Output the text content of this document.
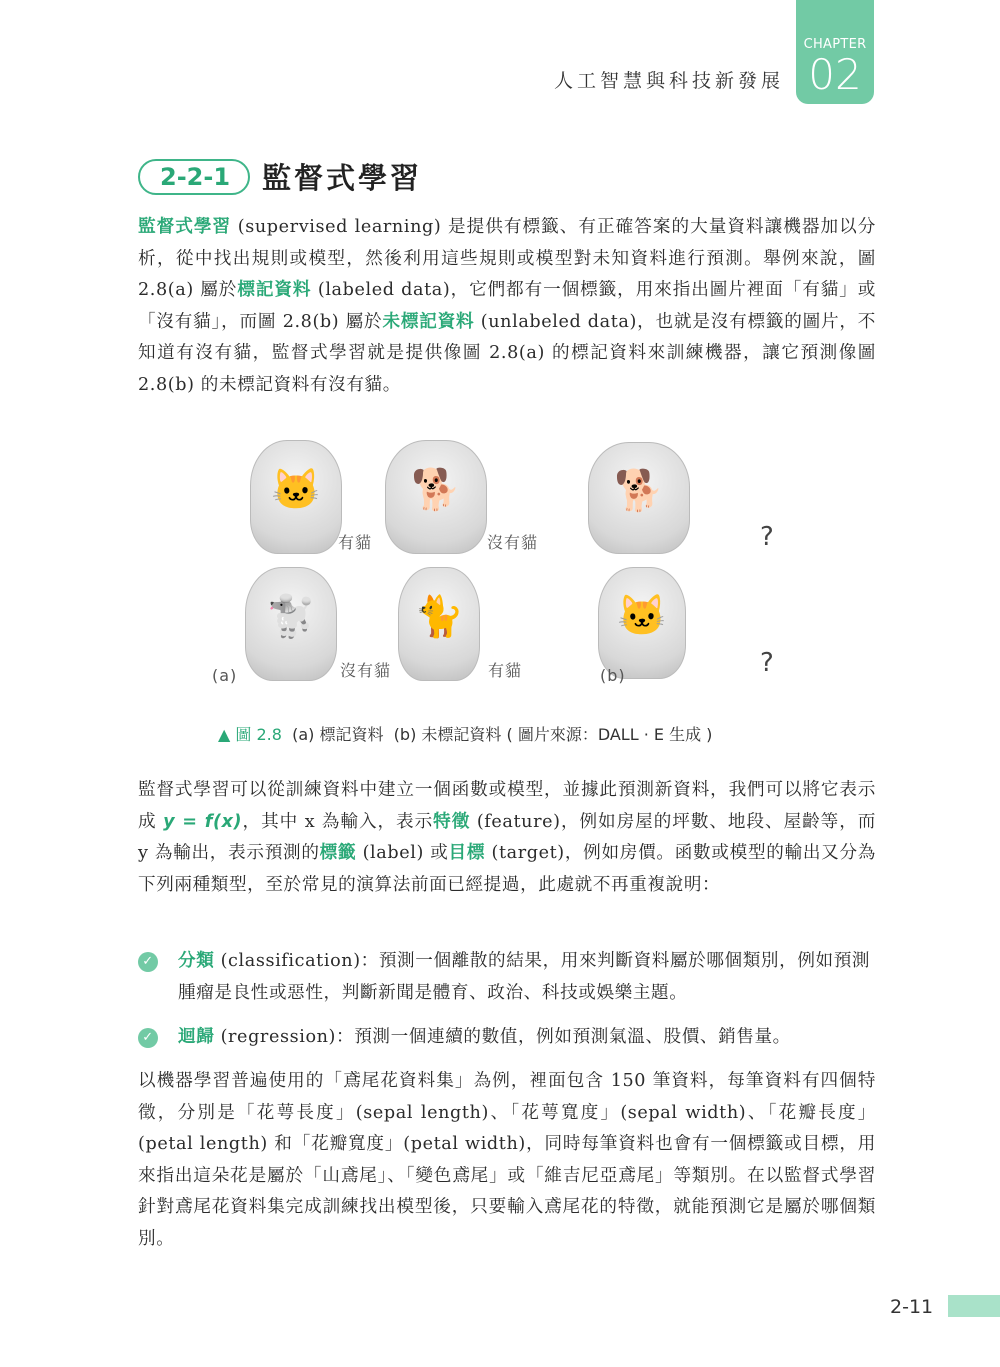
人工智慧與科技新發展
CHAPTER
02
2-2-1	監督式學習
監督式學習 (supervised learning) 是提供有標籤、有正確答案的大量資料讓機器加以分析，從中找出規則或模型，然後利用這些規則或模型對未知資料進行預測。舉例來說，圖 2.8(a) 屬於標記資料 (labeled data)，它們都有一個標籤，用來指出圖片裡面「有貓」或「沒有貓」，而圖 2.8(b) 屬於未標記資料 (unlabeled data)，也就是沒有標籤的圖片，不知道有沒有貓，監督式學習就是提供像圖 2.8(a) 的標記資料來訓練機器，讓它預測像圖 2.8(b) 的未標記資料有沒有貓。
🐱
有貓
🐕
沒有貓
🐩
沒有貓
🐈
有貓
(a)
🐕
?
🐱
?
(b)
▲ 圖 2.8  (a) 標記資料  (b) 未標記資料 ( 圖片來源：DALL · E 生成 )
監督式學習可以從訓練資料中建立一個函數或模型，並據此預測新資料，我們可以將它表示成 y = f(x)，其中 x 為輸入，表示特徵 (feature)，例如房屋的坪數、地段、屋齡等，而 y 為輸出，表示預測的標籤 (label) 或目標 (target)，例如房價。函數或模型的輸出又分為下列兩種類型，至於常見的演算法前面已經提過，此處就不再重複說明：
✓ 分類 (classification)：預測一個離散的結果，用來判斷資料屬於哪個類別，例如預測腫瘤是良性或惡性，判斷新聞是體育、政治、科技或娛樂主題。
✓ 迴歸 (regression)：預測一個連續的數值，例如預測氣溫、股價、銷售量。
以機器學習普遍使用的「鳶尾花資料集」為例，裡面包含 150 筆資料，每筆資料有四個特徵，分別是「花萼長度」(sepal length)、「花萼寬度」(sepal width)、「花瓣長度」(petal length) 和「花瓣寬度」(petal width)，同時每筆資料也會有一個標籤或目標，用來指出這朵花是屬於「山鳶尾」、「變色鳶尾」或「維吉尼亞鳶尾」等類別。在以監督式學習針對鳶尾花資料集完成訓練找出模型後，只要輸入鳶尾花的特徵，就能預測它是屬於哪個類別。
2-11
